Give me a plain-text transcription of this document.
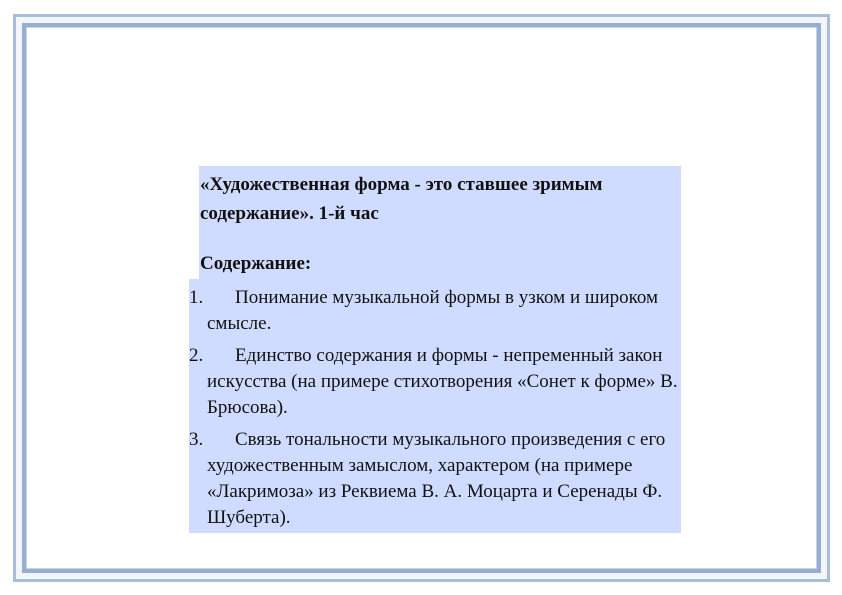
«Художественная форма - это ставшее зримым содержание». 1-й час

Содержание:

1.	Понимание музыкальной формы в узком и широком смысле.
2.	Единство содержания и формы - непременный закон искусства (на примере стихотворения «Сонет к форме» В. Брюсова).
3.	Связь тональности музыкального произведения с его художественным замыслом, характером (на примере «Лакримоза» из Реквиема В. А. Моцарта и Серенады Ф. Шуберта).
